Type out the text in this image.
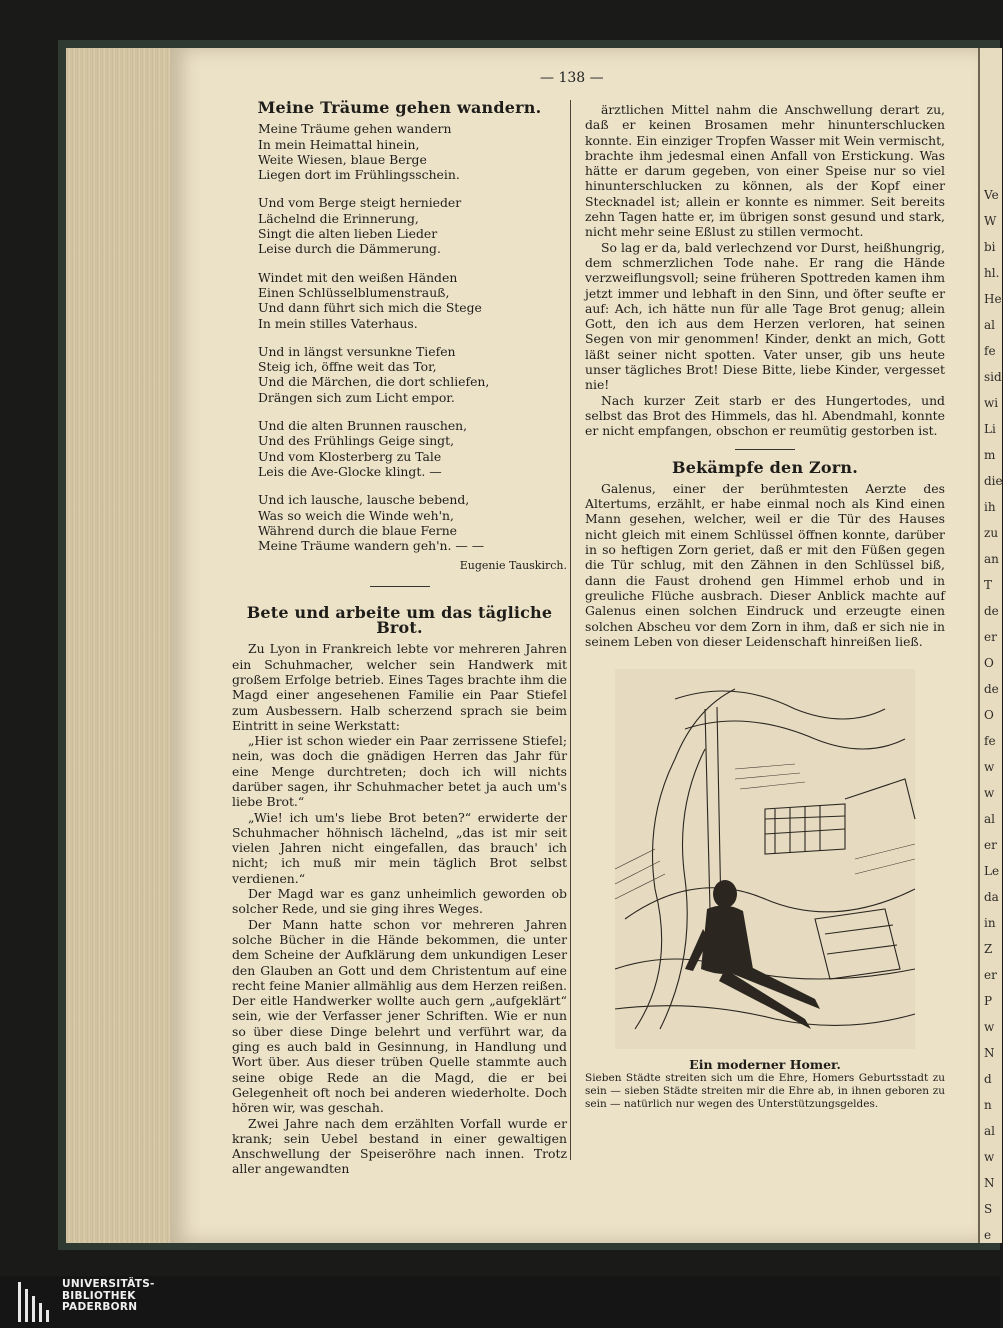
Ve
W
bi
hl.
He
al
fe
sid
wi
Li
m
die
ih
zu
an
T
de
er
O
de
O
fe
w
w
al
er
Le
da
in
Z
er
P
w
N
d
n
al
w
N
S
e
— 138 —
Meine Träume gehen wandern.
Meine Träume gehen wandern
In mein Heimattal hinein,
Weite Wiesen, blaue Berge
Liegen dort im Frühlingsschein.
Und vom Berge steigt hernieder
Lächelnd die Erinnerung,
Singt die alten lieben Lieder
Leise durch die Dämmerung.
Windet mit den weißen Händen
Einen Schlüsselblumenstrauß,
Und dann führt sich mich die Stege
In mein stilles Vaterhaus.
Und in längst versunkne Tiefen
Steig ich, öffne weit das Tor,
Und die Märchen, die dort schliefen,
Drängen sich zum Licht empor.
Und die alten Brunnen rauschen,
Und des Frühlings Geige singt,
Und vom Klosterberg zu Tale
Leis die Ave-Glocke klingt. —
Und ich lausche, lausche bebend,
Was so weich die Winde weh'n,
Während durch die blaue Ferne
Meine Träume wandern geh'n. — —
Eugenie Tauskirch.
Bete und arbeite um das tägliche Brot.

Zu Lyon in Frankreich lebte vor mehreren Jahren ein Schuhmacher, welcher sein Handwerk mit großem Erfolge betrieb. Eines Tages brachte ihm die Magd einer angesehenen Familie ein Paar Stiefel zum Ausbessern. Halb scherzend sprach sie beim Eintritt in seine Werkstatt:

„Hier ist schon wieder ein Paar zerrissene Stiefel; nein, was doch die gnädigen Herren das Jahr für eine Menge durchtreten; doch ich will nichts darüber sagen, ihr Schuhmacher betet ja auch um's liebe Brot.“

„Wie! ich um's liebe Brot beten?“ erwiderte der Schuhmacher höhnisch lächelnd, „das ist mir seit vielen Jahren nicht eingefallen, das brauch' ich nicht; ich muß mir mein täglich Brot selbst verdienen.“

Der Magd war es ganz unheimlich geworden ob solcher Rede, und sie ging ihres Weges.

Der Mann hatte schon vor mehreren Jahren solche Bücher in die Hände bekommen, die unter dem Scheine der Aufklärung dem unkundigen Leser den Glauben an Gott und dem Christentum auf eine recht feine Manier allmählig aus dem Herzen reißen. Der eitle Handwerker wollte auch gern „aufgeklärt“ sein, wie der Verfasser jener Schriften. Wie er nun so über diese Dinge belehrt und verführt war, da ging es auch bald in Gesinnung, in Handlung und Wort über. Aus dieser trüben Quelle stammte auch seine obige Rede an die Magd, die er bei Gelegenheit oft noch bei anderen wiederholte. Doch hören wir, was geschah.

Zwei Jahre nach dem erzählten Vorfall wurde er krank; sein Uebel bestand in einer gewaltigen Anschwellung der Speiseröhre nach innen. Trotz aller angewandten

ärztlichen Mittel nahm die Anschwellung derart zu, daß er keinen Brosamen mehr hinunterschlucken konnte. Ein einziger Tropfen Wasser mit Wein vermischt, brachte ihm jedesmal einen Anfall von Erstickung. Was hätte er darum gegeben, von einer Speise nur so viel hinunterschlucken zu können, als der Kopf einer Stecknadel ist; allein er konnte es nimmer. Seit bereits zehn Tagen hatte er, im übrigen sonst gesund und stark, nicht mehr seine Eßlust zu stillen vermocht.

So lag er da, bald verlechzend vor Durst, heißhungrig, dem schmerzlichen Tode nahe. Er rang die Hände verzweiflungsvoll; seine früheren Spottreden kamen ihm jetzt immer und lebhaft in den Sinn, und öfter seufte er auf: Ach, ich hätte nun für alle Tage Brot genug; allein Gott, den ich aus dem Herzen verloren, hat seinen Segen von mir genommen! Kinder, denkt an mich, Gott läßt seiner nicht spotten. Vater unser, gib uns heute unser tägliches Brot! Diese Bitte, liebe Kinder, vergesset nie!

Nach kurzer Zeit starb er des Hungertodes, und selbst das Brot des Himmels, das hl. Abendmahl, konnte er nicht empfangen, obschon er reumütig gestorben ist.

Bekämpfe den Zorn.

Galenus, einer der berühmtesten Aerzte des Altertums, erzählt, er habe einmal noch als Kind einen Mann gesehen, welcher, weil er die Tür des Hauses nicht gleich mit einem Schlüssel öffnen konnte, darüber in so heftigen Zorn geriet, daß er mit den Füßen gegen die Tür schlug, mit den Zähnen in den Schlüssel biß, dann die Faust drohend gen Himmel erhob und in greuliche Flüche ausbrach. Dieser Anblick machte auf Galenus einen solchen Eindruck und erzeugte einen solchen Abscheu vor dem Zorn in ihm, daß er sich nie in seinem Leben von dieser Leidenschaft hinreißen ließ.

Ein moderner Homer.
Sieben Städte streiten sich um die Ehre, Homers Geburtsstadt zu sein — sieben Städte streiten mir die Ehre ab, in ihnen geboren zu sein — natürlich nur wegen des Unterstützungsgeldes.
UNIVERSITÄTS-
BIBLIOTHEK
PADERBORN
